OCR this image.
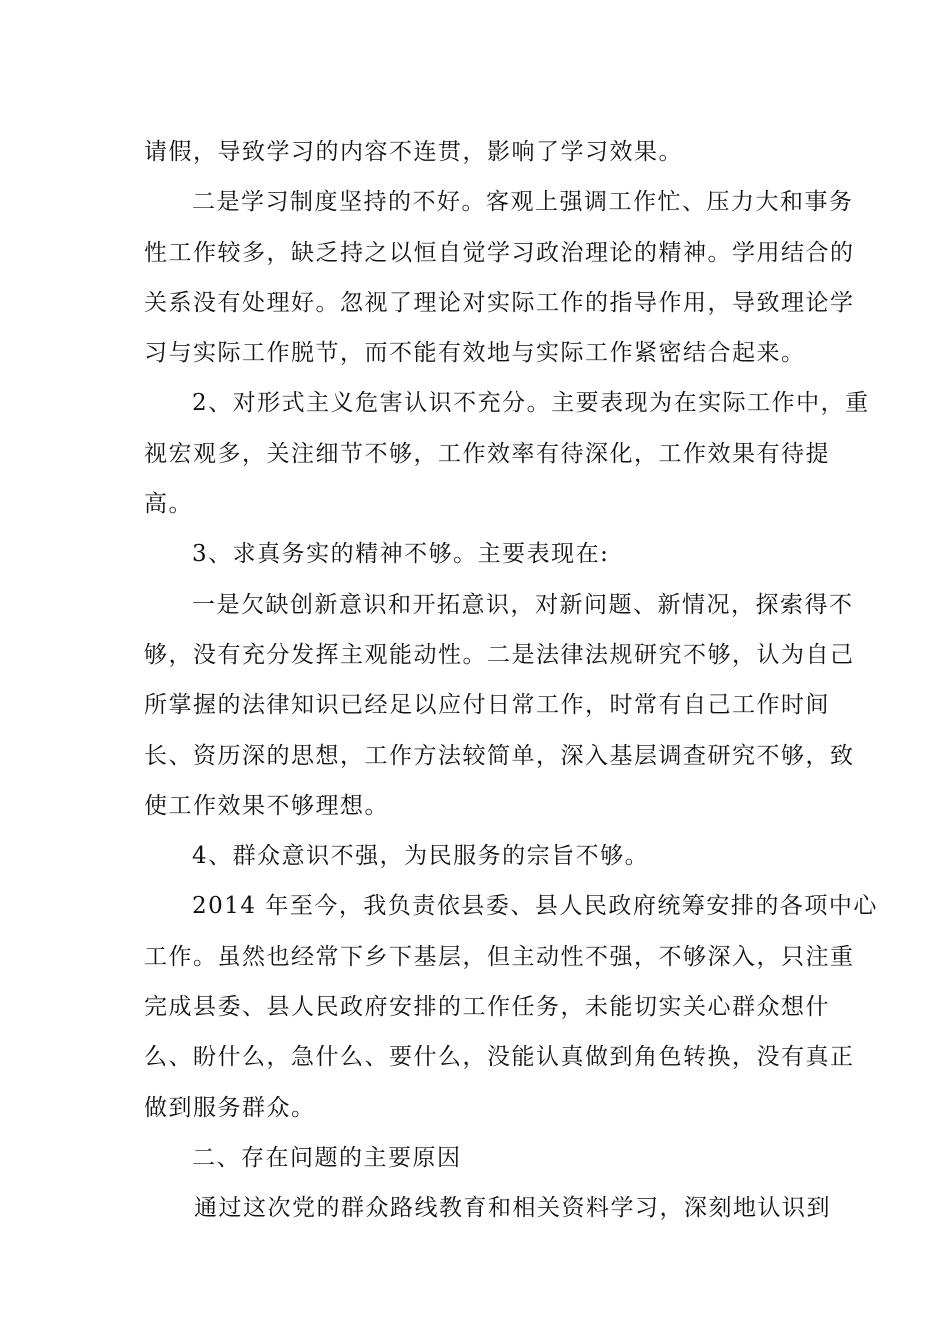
请假，导致学习的内容不连贯，影响了学习效果。
二是学习制度坚持的不好。客观上强调工作忙、压力大和事务
性工作较多，缺乏持之以恒自觉学习政治理论的精神。学用结合的
关系没有处理好。忽视了理论对实际工作的指导作用，导致理论学
习与实际工作脱节，而不能有效地与实际工作紧密结合起来。
2、对形式主义危害认识不充分。主要表现为在实际工作中，重
视宏观多，关注细节不够，工作效率有待深化，工作效果有待提
高。
3、求真务实的精神不够。主要表现在:
一是欠缺创新意识和开拓意识，对新问题、新情况，探索得不
够，没有充分发挥主观能动性。二是法律法规研究不够，认为自己
所掌握的法律知识已经足以应付日常工作，时常有自己工作时间
长、资历深的思想，工作方法较简单，深入基层调查研究不够，致
使工作效果不够理想。
4、群众意识不强，为民服务的宗旨不够。
2014 年至今，我负责依县委、县人民政府统筹安排的各项中心
工作。虽然也经常下乡下基层，但主动性不强，不够深入，只注重
完成县委、县人民政府安排的工作任务，未能切实关心群众想什
么、盼什么，急什么、要什么，没能认真做到角色转换，没有真正
做到服务群众。
二、存在问题的主要原因
通过这次党的群众路线教育和相关资料学习，深刻地认识到
